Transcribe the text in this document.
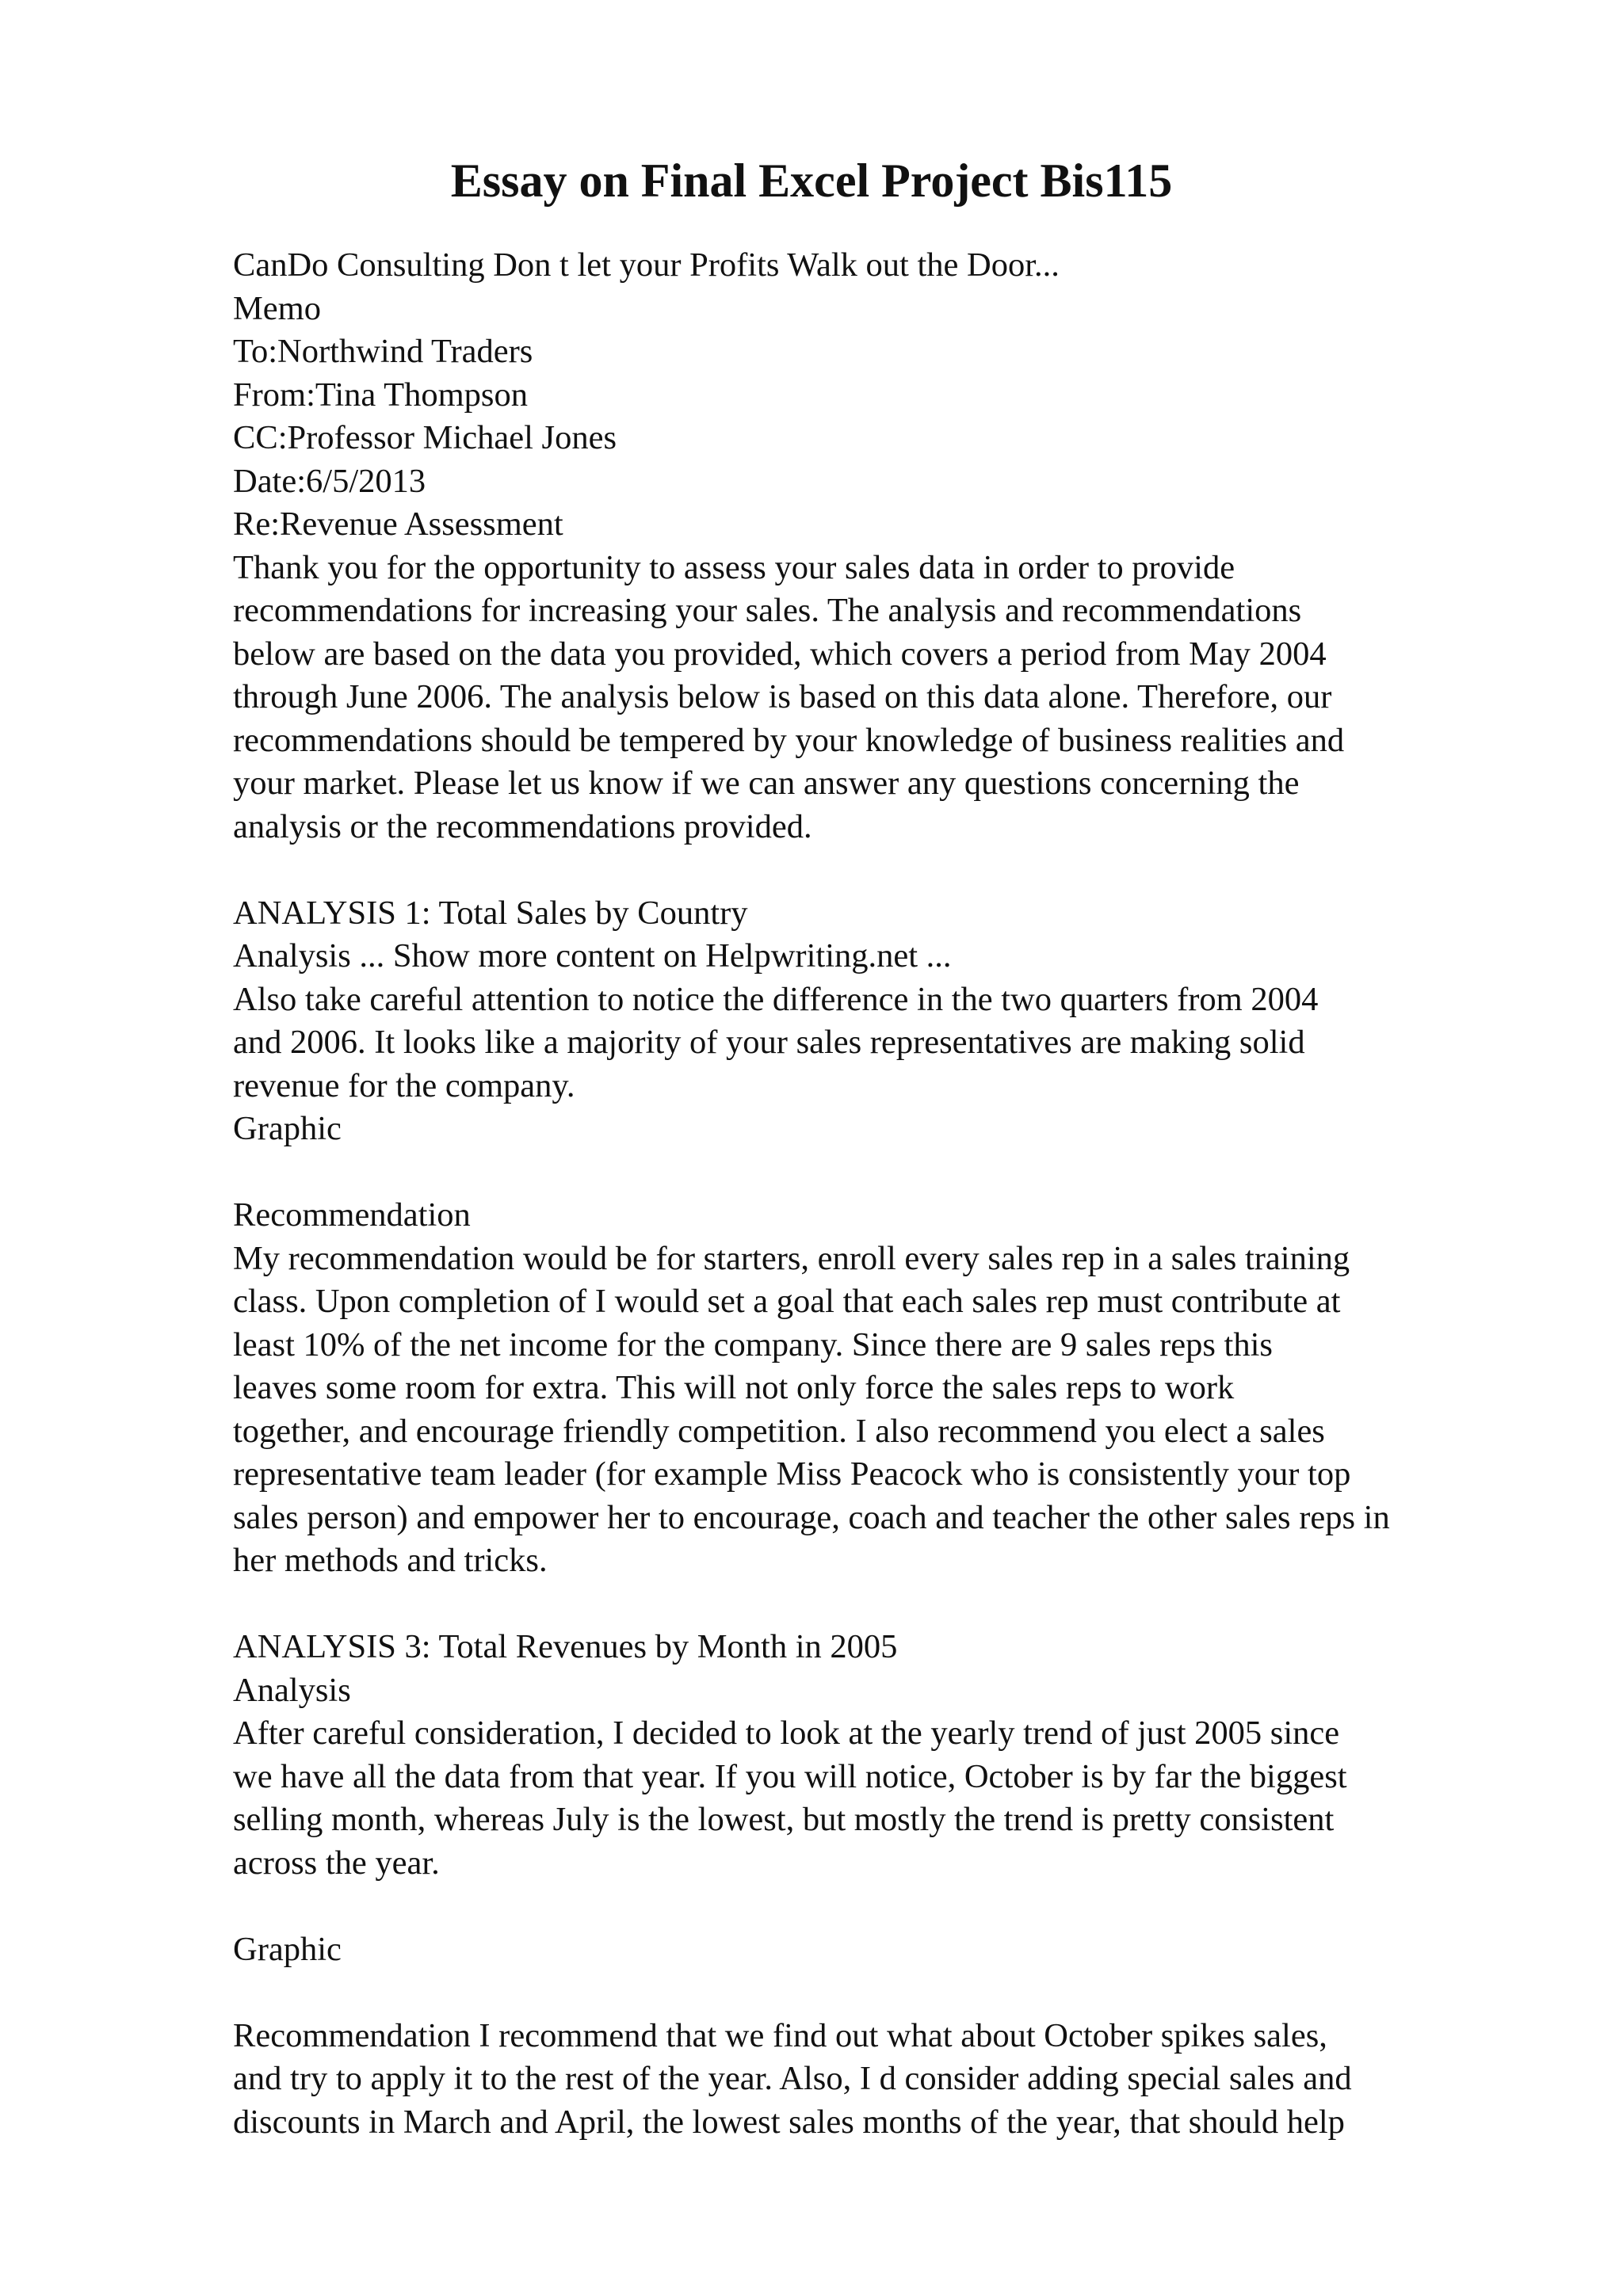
Essay on Final Excel Project Bis115
CanDo Consulting Don t let your Profits Walk out the Door...
Memo
To:Northwind Traders
From:Tina Thompson
CC:Professor Michael Jones
Date:6/5/2013
Re:Revenue Assessment
Thank you for the opportunity to assess your sales data in order to provide
recommendations for increasing your sales. The analysis and recommendations
below are based on the data you provided, which covers a period from May 2004
through June 2006. The analysis below is based on this data alone. Therefore, our
recommendations should be tempered by your knowledge of business realities and
your market. Please let us know if we can answer any questions concerning the
analysis or the recommendations provided.
ANALYSIS 1: Total Sales by Country
Analysis ... Show more content on Helpwriting.net ...
Also take careful attention to notice the difference in the two quarters from 2004
and 2006. It looks like a majority of your sales representatives are making solid
revenue for the company.
Graphic
Recommendation
My recommendation would be for starters, enroll every sales rep in a sales training
class. Upon completion of I would set a goal that each sales rep must contribute at
least 10% of the net income for the company. Since there are 9 sales reps this
leaves some room for extra. This will not only force the sales reps to work
together, and encourage friendly competition. I also recommend you elect a sales
representative team leader (for example Miss Peacock who is consistently your top
sales person) and empower her to encourage, coach and teacher the other sales reps in
her methods and tricks.
ANALYSIS 3: Total Revenues by Month in 2005
Analysis
After careful consideration, I decided to look at the yearly trend of just 2005 since
we have all the data from that year. If you will notice, October is by far the biggest
selling month, whereas July is the lowest, but mostly the trend is pretty consistent
across the year.
Graphic
Recommendation I recommend that we find out what about October spikes sales,
and try to apply it to the rest of the year. Also, I d consider adding special sales and
discounts in March and April, the lowest sales months of the year, that should help
